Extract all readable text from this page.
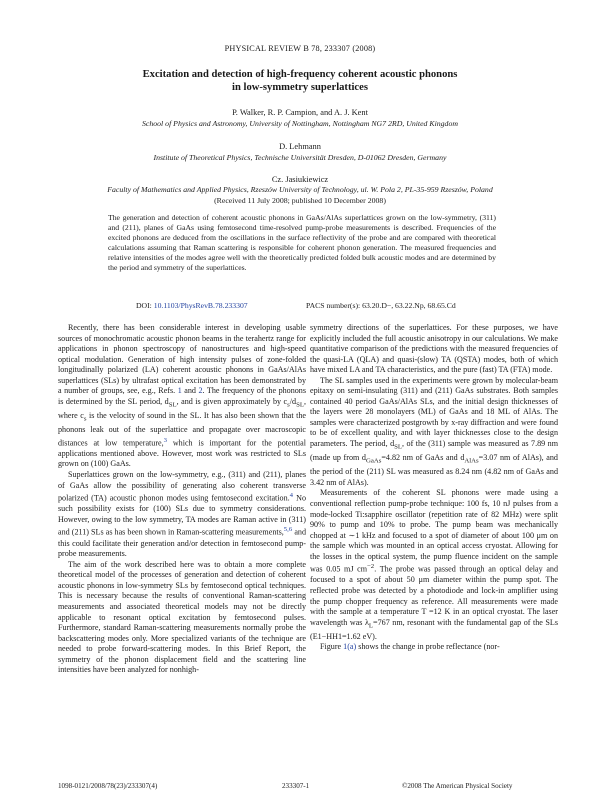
PHYSICAL REVIEW B 78, 233307 (2008)
Excitation and detection of high-frequency coherent acoustic phonons
in low-symmetry superlattices
P. Walker, R. P. Campion, and A. J. Kent
School of Physics and Astronomy, University of Nottingham, Nottingham NG7 2RD, United Kingdom
D. Lehmann
Institute of Theoretical Physics, Technische Universität Dresden, D-01062 Dresden, Germany
Cz. Jasiukiewicz
Faculty of Mathematics and Applied Physics, Rzeszów University of Technology, ul. W. Pola 2, PL-35-959 Rzeszów, Poland
(Received 11 July 2008; published 10 December 2008)
The generation and detection of coherent acoustic phonons in GaAs/AlAs superlattices grown on the low-symmetry, (311) and (211), planes of GaAs using femtosecond time-resolved pump-probe measurements is described. Frequencies of the excited phonons are deduced from the oscillations in the surface reflectivity of the probe and are compared with theoretical calculations assuming that Raman scattering is responsible for coherent phonon generation. The measured frequencies and relative intensities of the modes agree well with the theoretically predicted folded bulk acoustic modes and are determined by the period and symmetry of the superlattices.
DOI: 10.1103/PhysRevB.78.233307	PACS number(s): 63.20.D−, 63.22.Np, 68.65.Cd

Recently, there has been considerable interest in developing usable sources of monochromatic acoustic phonon beams in the terahertz range for applications in phonon spectroscopy of nanostructures and high-speed optical modulation. Generation of high intensity pulses of zone-folded longitudinally polarized (LA) coherent acoustic phonons in GaAs/AlAs superlattices (SLs) by ultrafast optical excitation has been demonstrated by a number of groups, see, e.g., Refs. 1 and 2. The frequency of the phonons is determined by the SL period, $d_{SL}$, and is given approximately by $c_s/d_{SL}$, where $c_s$ is the velocity of sound in the SL. It has also been shown that the phonons leak out of the superlattice and propagate over macroscopic distances at low temperature,$^3$ which is important for the potential applications mentioned above. However, most work was restricted to SLs grown on (100) GaAs.

Superlattices grown on the low-symmetry, e.g., (311) and (211), planes of GaAs allow the possibility of generating also coherent transverse polarized (TA) acoustic phonon modes using femtosecond excitation.$^4$ No such possibility exists for (100) SLs due to symmetry considerations. However, owing to the low symmetry, TA modes are Raman active in (311) and (211) SLs as has been shown in Raman-scattering measurements,$^{5,6}$ and this could facilitate their generation and/or detection in femtosecond pump-probe measurements.

The aim of the work described here was to obtain a more complete theoretical model of the processes of generation and detection of coherent acoustic phonons in low-symmetry SLs by femtosecond optical techniques. This is necessary because the results of conventional Raman-scattering measurements and associated theoretical models may not be directly applicable to resonant optical excitation by femtosecond pulses. Furthermore, standard Raman-scattering measurements normally probe the backscattering modes only. More specialized variants of the technique are needed to probe forward-scattering modes. In this Brief Report, the symmetry of the phonon displacement field and the scattering line intensities have been analyzed for nonhigh-

symmetry directions of the superlattices. For these purposes, we have explicitly included the full acoustic anisotropy in our calculations. We make quantitative comparison of the predictions with the measured frequencies of the quasi-LA (QLA) and quasi-(slow) TA (QSTA) modes, both of which have mixed LA and TA characteristics, and the pure (fast) TA (FTA) mode.

The SL samples used in the experiments were grown by molecular-beam epitaxy on semi-insulating (311) and (211) GaAs substrates. Both samples contained 40 period GaAs/AlAs SLs, and the initial design thicknesses of the layers were 28 monolayers (ML) of GaAs and 18 ML of AlAs. The samples were characterized postgrowth by x-ray diffraction and were found to be of excellent quality, and with layer thicknesses close to the design parameters. The period, $d_{SL}$, of the (311) sample was measured as 7.89 nm (made up from $d_{GaAs}=4.82$ nm of GaAs and $d_{AlAs}=3.07$ nm of AlAs), and the period of the (211) SL was measured as 8.24 nm (4.82 nm of GaAs and 3.42 nm of AlAs).

Measurements of the coherent SL phonons were made using a conventional reflection pump-probe technique: 100 fs, 10 nJ pulses from a mode-locked Ti:sapphire oscillator (repetition rate of 82 MHz) were split 90% to pump and 10% to probe. The pump beam was mechanically chopped at ∼1 kHz and focused to a spot of diameter of about 100 μm on the sample which was mounted in an optical access cryostat. Allowing for the losses in the optical system, the pump fluence incident on the sample was 0.05 mJ $cm^{-2}$. The probe was passed through an optical delay and focused to a spot of about 50 μm diameter within the pump spot. The reflected probe was detected by a photodiode and lock-in amplifier using the pump chopper frequency as reference. All measurements were made with the sample at a temperature T =12 K in an optical cryostat. The laser wavelength was $\lambda_L=767$ nm, resonant with the fundamental gap of the SLs (E1−HH1=1.62 eV).

Figure 1(a) shows the change in probe reflectance (nor-

1098-0121/2008/78(23)/233307(4)	233307-1	©2008 The American Physical Society
